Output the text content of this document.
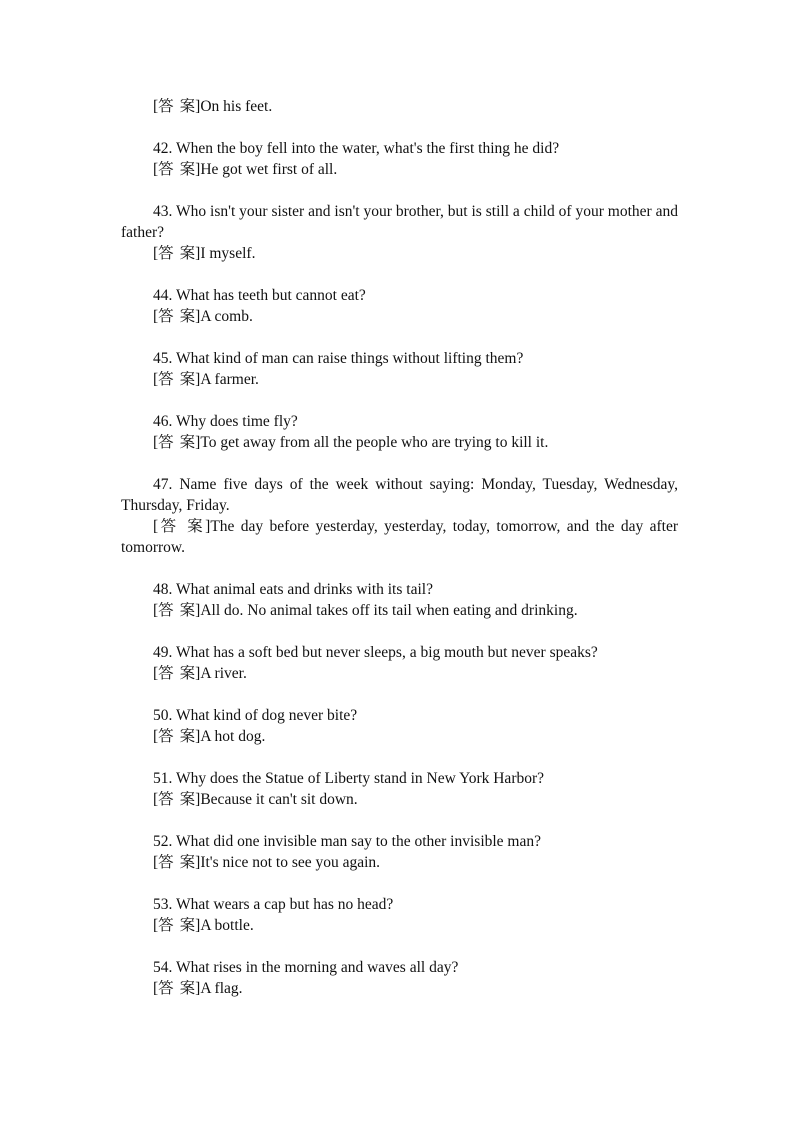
[答 案]On his feet.

42. When the boy fell into the water, what's the first thing he did?

[答 案]He got wet first of all.

43. Who isn't your sister and isn't your brother, but is still a child of your mother and father?

[答 案]I myself.

44. What has teeth but cannot eat?

[答 案]A comb.

45. What kind of man can raise things without lifting them?

[答 案]A farmer.

46. Why does time fly?

[答 案]To get away from all the people who are trying to kill it.

47. Name five days of the week without saying: Monday, Tuesday, Wednesday, Thursday, Friday.

[答 案]The day before yesterday, yesterday, today, tomorrow, and the day after tomorrow.

48. What animal eats and drinks with its tail?

[答 案]All do. No animal takes off its tail when eating and drinking.

49. What has a soft bed but never sleeps, a big mouth but never speaks?

[答 案]A river.

50. What kind of dog never bite?

[答 案]A hot dog.

51. Why does the Statue of Liberty stand in New York Harbor?

[答 案]Because it can't sit down.

52. What did one invisible man say to the other invisible man?

[答 案]It's nice not to see you again.

53. What wears a cap but has no head?

[答 案]A bottle.

54. What rises in the morning and waves all day?

[答 案]A flag.
